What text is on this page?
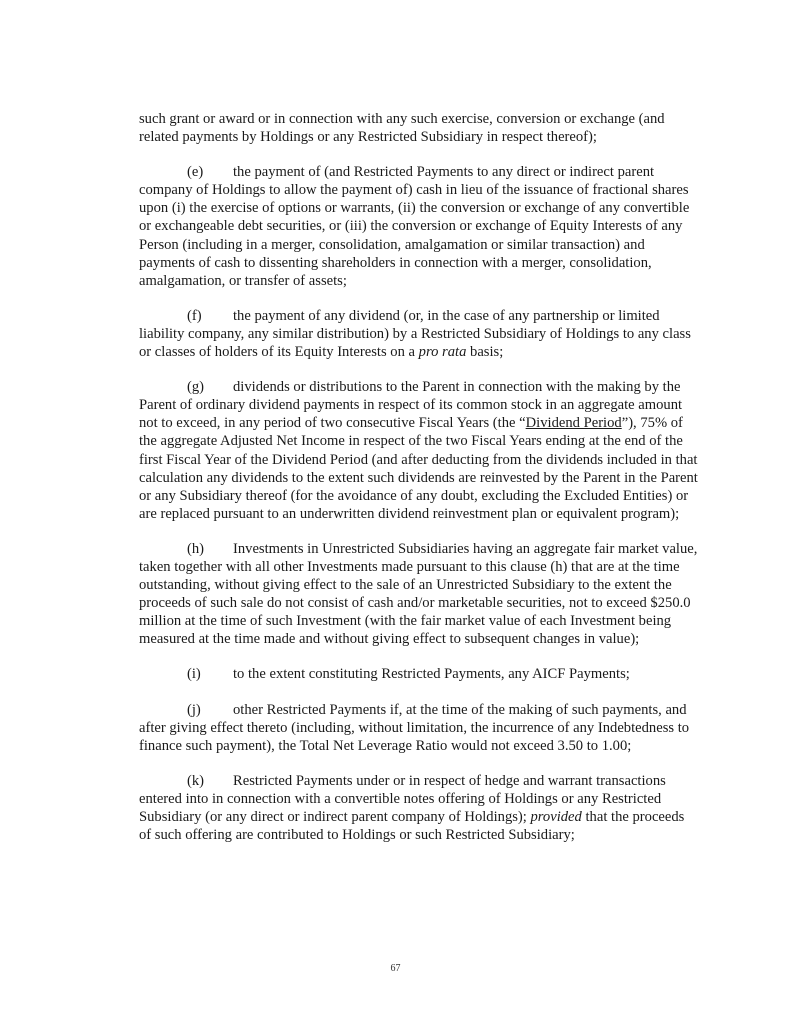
such grant or award or in connection with any such exercise, conversion or exchange (and related payments by Holdings or any Restricted Subsidiary in respect thereof);

(e) the payment of (and Restricted Payments to any direct or indirect parent company of Holdings to allow the payment of) cash in lieu of the issuance of fractional shares upon (i) the exercise of options or warrants, (ii) the conversion or exchange of any convertible or exchangeable debt securities, or (iii) the conversion or exchange of Equity Interests of any Person (including in a merger, consolidation, amalgamation or similar transaction) and payments of cash to dissenting shareholders in connection with a merger, consolidation, amalgamation, or transfer of assets;

(f) the payment of any dividend (or, in the case of any partnership or limited liability company, any similar distribution) by a Restricted Subsidiary of Holdings to any class or classes of holders of its Equity Interests on a pro rata basis;

(g) dividends or distributions to the Parent in connection with the making by the Parent of ordinary dividend payments in respect of its common stock in an aggregate amount not to exceed, in any period of two consecutive Fiscal Years (the “Dividend Period”), 75% of the aggregate Adjusted Net Income in respect of the two Fiscal Years ending at the end of the first Fiscal Year of the Dividend Period (and after deducting from the dividends included in that calculation any dividends to the extent such dividends are reinvested by the Parent in the Parent or any Subsidiary thereof (for the avoidance of any doubt, excluding the Excluded Entities) or are replaced pursuant to an underwritten dividend reinvestment plan or equivalent program);

(h) Investments in Unrestricted Subsidiaries having an aggregate fair market value, taken together with all other Investments made pursuant to this clause (h) that are at the time outstanding, without giving effect to the sale of an Unrestricted Subsidiary to the extent the proceeds of such sale do not consist of cash and/or marketable securities, not to exceed $250.0 million at the time of such Investment (with the fair market value of each Investment being measured at the time made and without giving effect to subsequent changes in value);

(i) to the extent constituting Restricted Payments, any AICF Payments;

(j) other Restricted Payments if, at the time of the making of such payments, and after giving effect thereto (including, without limitation, the incurrence of any Indebtedness to finance such payment), the Total Net Leverage Ratio would not exceed 3.50 to 1.00;

(k) Restricted Payments under or in respect of hedge and warrant transactions entered into in connection with a convertible notes offering of Holdings or any Restricted Subsidiary (or any direct or indirect parent company of Holdings); provided that the proceeds of such offering are contributed to Holdings or such Restricted Subsidiary;

67
